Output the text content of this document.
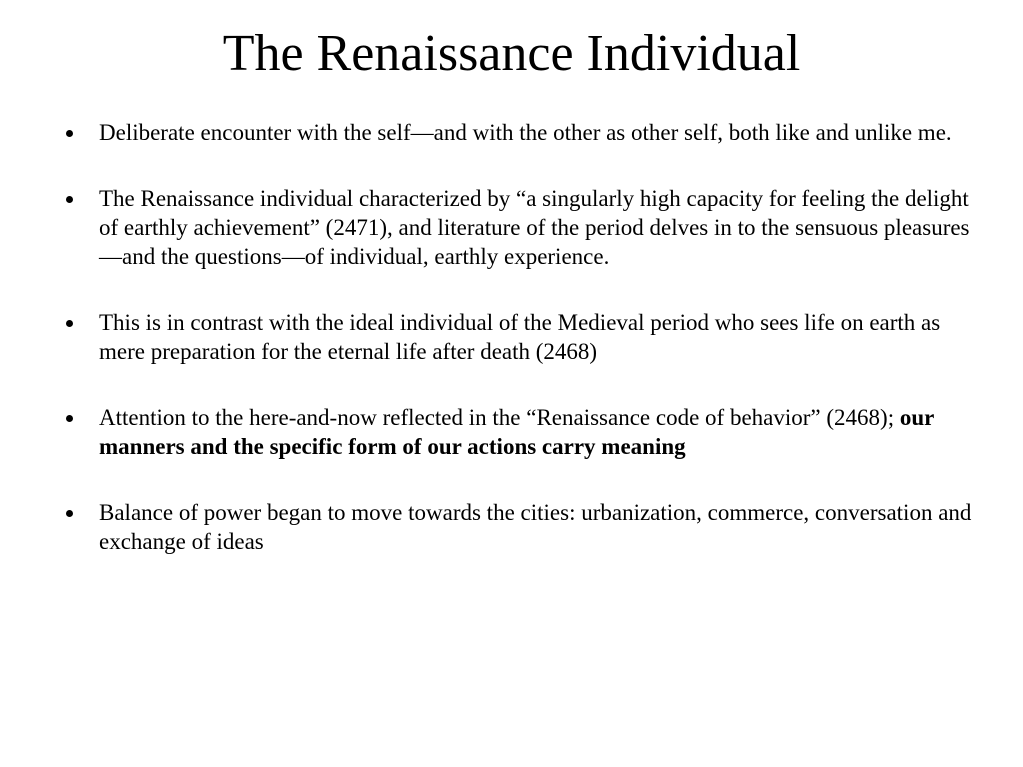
The Renaissance Individual
Deliberate encounter with the self—and with the other as other self, both like and unlike me.
The Renaissance individual characterized by “a singularly high capacity for feeling the delight of earthly achievement” (2471), and literature of the period delves in to the sensuous pleasures—and the questions—of individual, earthly experience.
This is in contrast with the ideal individual of the Medieval period who sees life on earth as mere preparation for the eternal life after death (2468)
Attention to the here-and-now reflected in the “Renaissance code of behavior” (2468); our manners and the specific form of our actions carry meaning
Balance of power began to move towards the cities: urbanization, commerce, conversation and exchange of ideas
